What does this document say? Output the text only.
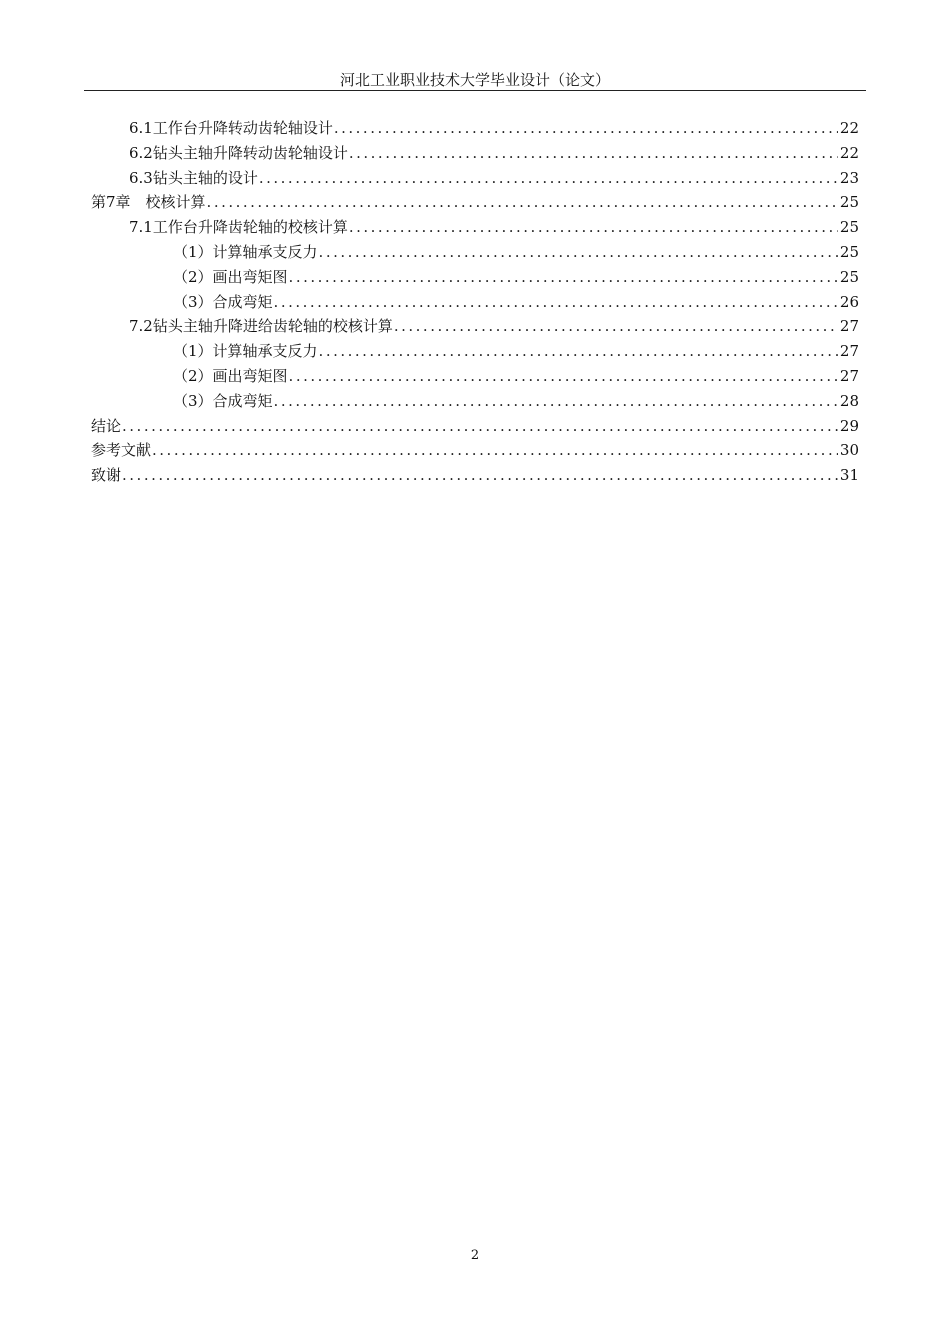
河北工业职业技术大学毕业设计（论文）
6.1工作台升降转动齿轮轴设计 .....	22
6.2钻头主轴升降转动齿轮轴设计 .....	22
6.3钻头主轴的设计 .....	23
第7章　校核计算 .....	25
7.1工作台升降齿轮轴的校核计算 .....	25
（1）计算轴承支反力 .....	25
（2）画出弯矩图 .....	25
（3）合成弯矩 .....	26
7.2钻头主轴升降进给齿轮轴的校核计算 .....	27
（1）计算轴承支反力 .....	27
（2）画出弯矩图 .....	27
（3）合成弯矩 .....	28
结论 .....	29
参考文献 .....	30
致谢 .....	31
2
